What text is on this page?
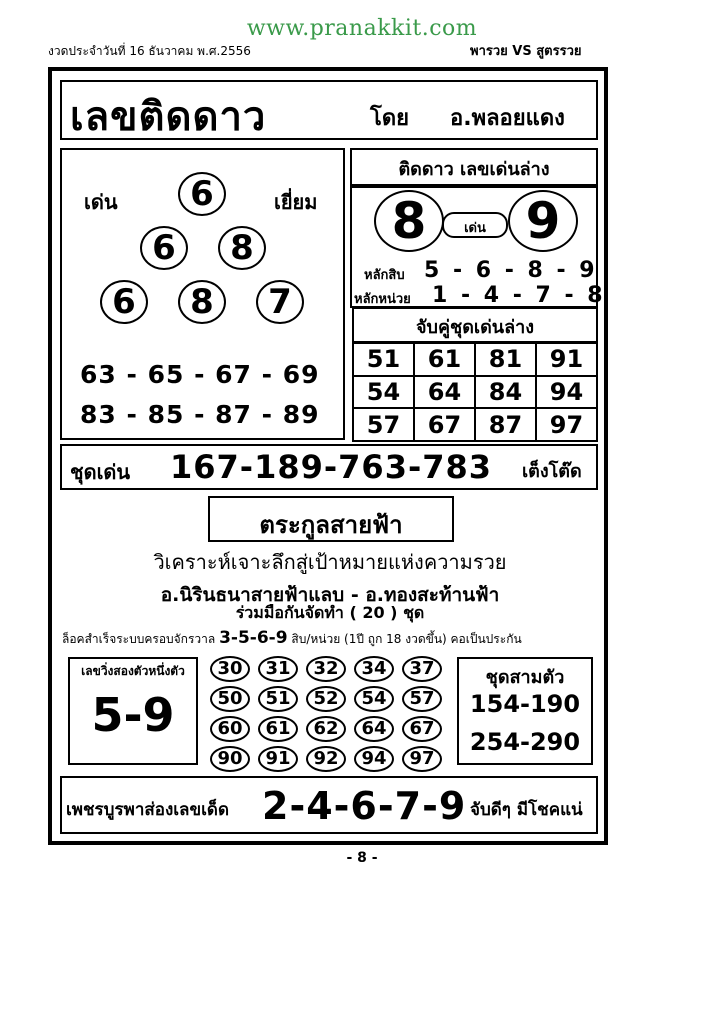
www.pranakkit.com
งวดประจำวันที่ 16 ธันวาคม พ.ศ.2556	พารวย VS สูตรรวย
เลขติดดาว	โดย อ.พลอยแดง
เด่น	เยี่ยม
6
6	8
6	8	7
63 - 65 - 67 - 69
83 - 85 - 87 - 89
ติดดาว เลขเด่นล่าง
8	เด่น 9
หลักสิบ 5 - 6 - 8 - 9
หลักหน่วย 1 - 4 - 7 - 8
จับคู่ชุดเด่นล่าง
51	61	81	91
54	64	84	94
57	67	87	97
ชุดเด่น 167-189-763-783 เต็งโต๊ด
ตระกูลสายฟ้า
วิเคราะห์เจาะลึกสู่เป้าหมายแห่งความรวย
อ.นิรินธนาสายฟ้าแลบ - อ.ทองสะท้านฟ้า
ร่วมมือกันจัดทำ ( 20 ) ชุด
ล็อคสำเร็จระบบครอบจักรวาล 3-5-6-9 สิบ/หน่วย (1ปี ถูก 18 งวดขึ้น) คอเป็นประกัน
เลขวิ่งสองตัวหนึ่งตัว
5-9
30	31	32	34	37
50	51	52	54	57
60	61	62	64	67
90	91	92	94	97
ชุดสามตัว
154-190
254-290
เพชรบูรพาส่องเลขเด็ด 2-4-6-7-9 จับดีๆ มีโชคแน่
- 8 -
